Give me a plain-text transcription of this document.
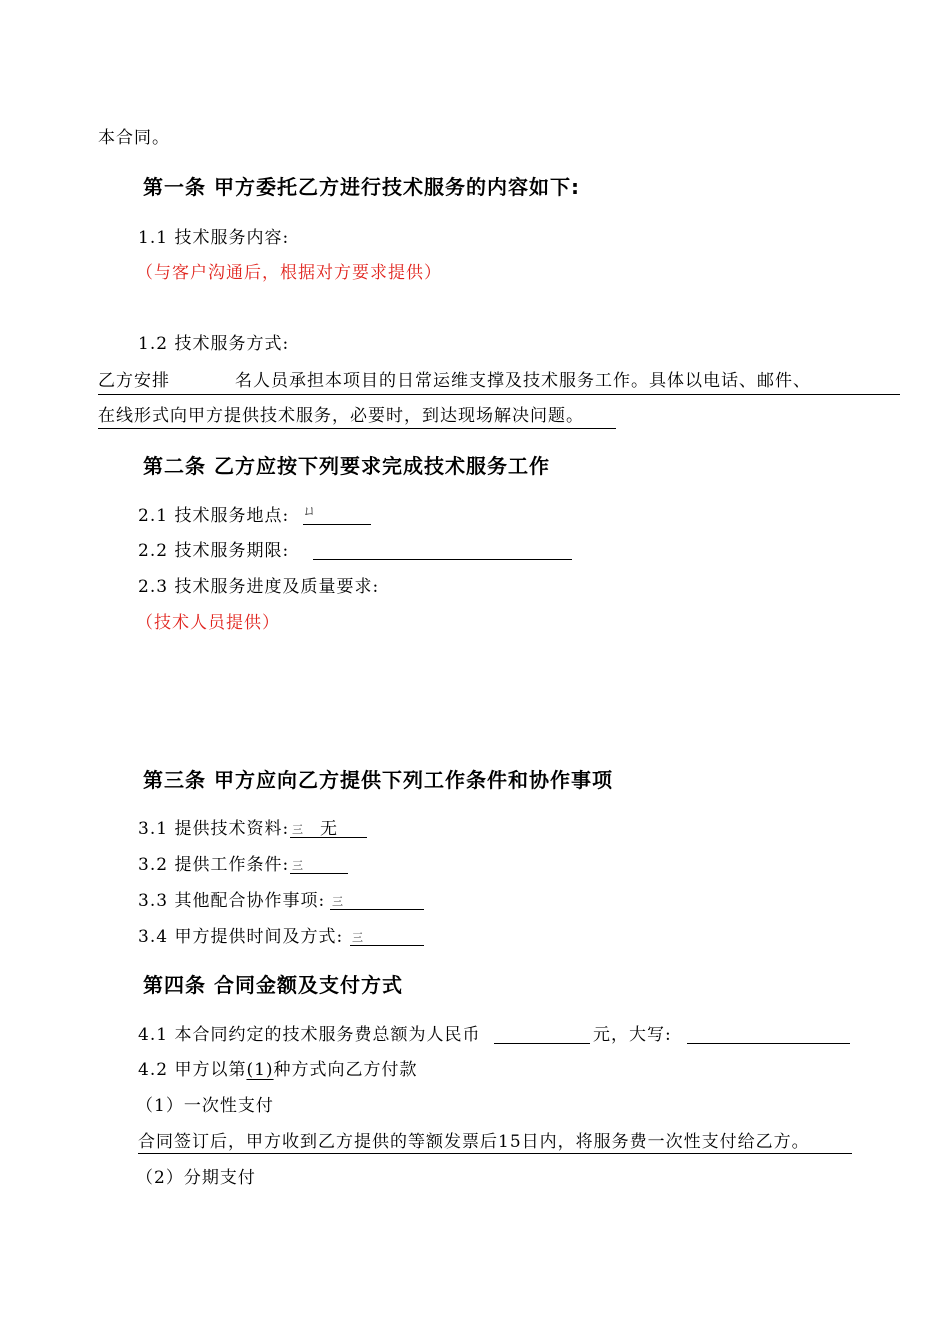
本合同。
第一条 甲方委托乙方进行技术服务的内容如下:
1.1 技术服务内容:
（与客户沟通后，根据对方要求提供）
1.2 技术服务方式:
乙方安排	名人员承担本项目的日常运维支撑及技术服务工作。具体以电话、邮件、
在线形式向甲方提供技术服务，必要时，到达现场解决问题。
第二条 乙方应按下列要求完成技术服务工作
2.1 技术服务地点: ㄩ
2.2 技术服务期限:
2.3 技术服务进度及质量要求:
（技术人员提供）
第三条 甲方应向乙方提供下列工作条件和协作事项
3.1 提供技术资料: 三 无
3.2 提供工作条件: 三
3.3 其他配合协作事项: 三
3.4 甲方提供时间及方式: 三
第四条 合同金额及支付方式
4.1 本合同约定的技术服务费总额为人民币	元，大写:
4.2 甲方以第(1)种方式向乙方付款
（1）一次性支付
合同签订后，甲方收到乙方提供的等额发票后15日内，将服务费一次性支付给乙方。
（2）分期支付
